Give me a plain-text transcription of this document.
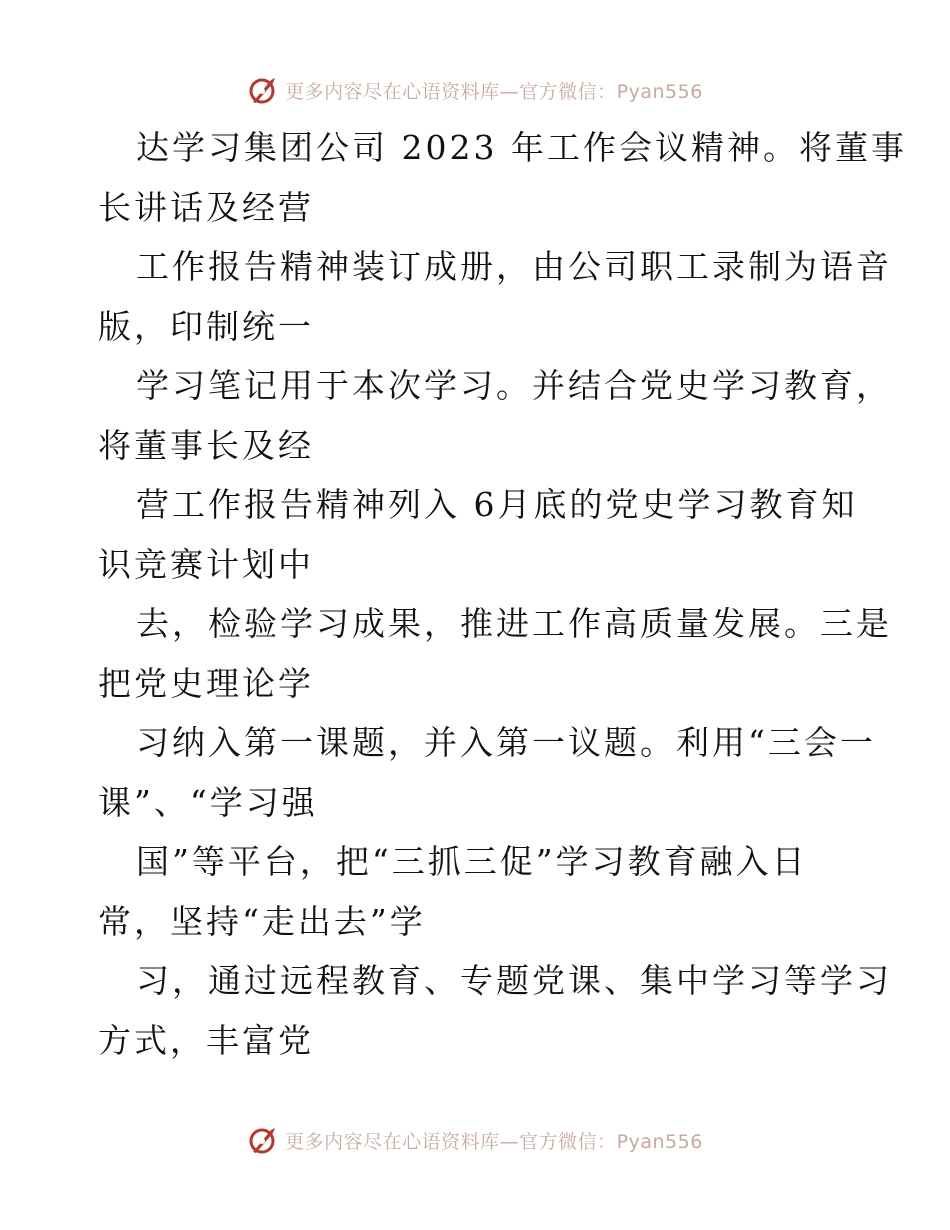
更多内容尽在心语资料库—官方微信：Pyan556
达学习集团公司 2023 年工作会议精神。将董事
长讲话及经营
工作报告精神装订成册，由公司职工录制为语音
版，印制统一
学习笔记用于本次学习。并结合党史学习教育，
将董事长及经
营工作报告精神列入 6月底的党史学习教育知
识竞赛计划中
去，检验学习成果，推进工作高质量发展。三是
把党史理论学
习纳入第一课题，并入第一议题。利用“三会一
课”、“学习强
国”等平台，把“三抓三促”学习教育融入日
常，坚持“走出去”学
习，通过远程教育、专题党课、集中学习等学习
方式，丰富党
更多内容尽在心语资料库—官方微信：Pyan556
